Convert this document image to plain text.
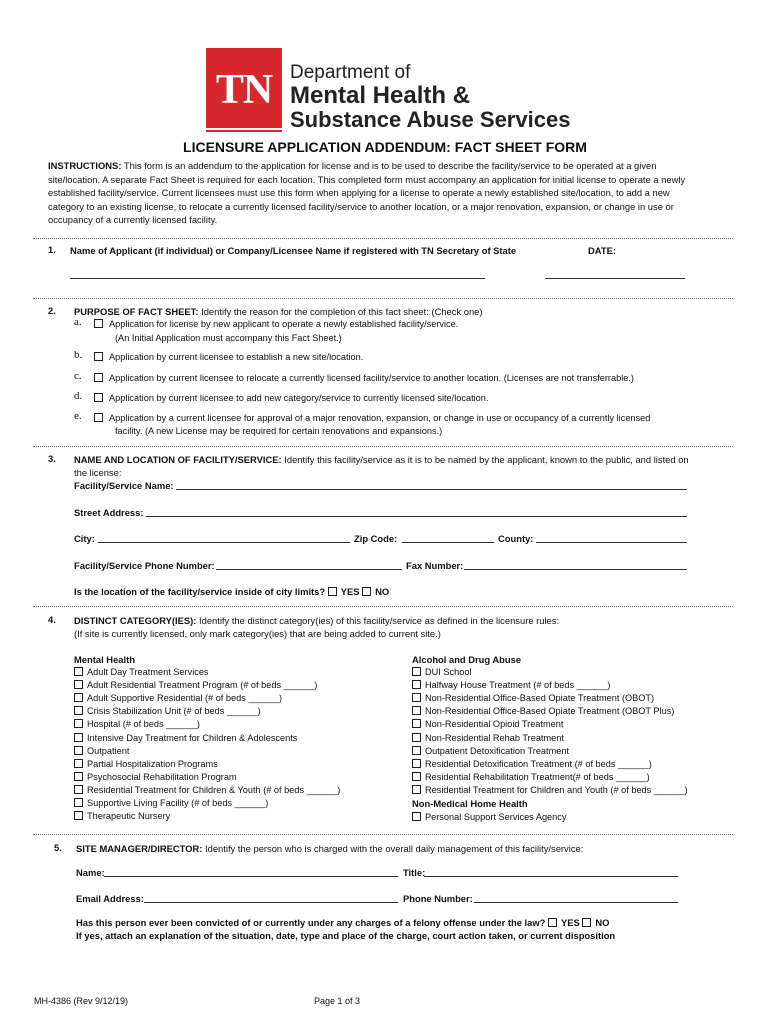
TN Department of
Mental Health &
Substance Abuse Services
LICENSURE APPLICATION ADDENDUM: FACT SHEET FORM
INSTRUCTIONS: This form is an addendum to the application for license and is to be used to describe the facility/service to be operated at a given site/location. A separate Fact Sheet is required for each location. This completed form must accompany an application for initial license to operate a newly established facility/service. Current licensees must use this form when applying for a license to operate a newly established site/location, to add a new category to an existing license, to relocate a currently licensed facility/service to another location, or a major renovation, expansion, or change in use or occupancy of a currently licensed facility.
1. Name of Applicant (if individual) or Company/Licensee Name if registered with TN Secretary of State	DATE:
2. PURPOSE OF FACT SHEET: Identify the reason for the completion of this fact sheet: (Check one)
a.	Application for license by new applicant to operate a newly established facility/service.
(An Initial Application must accompany this Fact Sheet.)
b.	Application by current licensee to establish a new site/location.
c.	Application by current licensee to relocate a currently licensed facility/service to another location. (Licenses are not transferrable.)
d.	Application by current licensee to add new category/service to currently licensed site/location.
e.	Application by a current licensee for approval of a major renovation, expansion, or change in use or occupancy of a currently licensed
facility. (A new License may be required for certain renovations and expansions.)
3. NAME AND LOCATION OF FACILITY/SERVICE: Identify this facility/service as it is to be named by the applicant, known to the public, and listed on
the license:
Facility/Service Name:
Street Address:
City:	Zip Code:	County:
Facility/Service Phone Number:	Fax Number:
Is the location of the facility/service inside of city limits? YES NO
4. DISTINCT CATEGORY(IES): Identify the distinct category(ies) of this facility/service as defined in the licensure rules:
(If site is currently licensed, only mark category(ies) that are being added to current site.)
Mental Health
Adult Day Treatment Services
Adult Residential Treatment Program (# of beds ______)
Adult Supportive Residential (# of beds ______)
Crisis Stabilization Unit (# of beds ______)
Hospital (# of beds ______)
Intensive Day Treatment for Children & Adolescents
Outpatient
Partial Hospitalization Programs
Psychosocial Rehabilitation Program
Residential Treatment for Children & Youth (# of beds ______)
Supportive Living Facility (# of beds ______)
Therapeutic Nursery
Alcohol and Drug Abuse
DUI School
Halfway House Treatment (# of beds ______)
Non-Residential Office-Based Opiate Treatment (OBOT)
Non-Residential Office-Based Opiate Treatment (OBOT Plus)
Non-Residential Opioid Treatment
Non-Residential Rehab Treatment
Outpatient Detoxification Treatment
Residential Detoxification Treatment (# of beds ______)
Residential Rehabilitation Treatment(# of beds ______)
Residential Treatment for Children and Youth (# of beds ______)
Non-Medical Home Health
Personal Support Services Agency
5. SITE MANAGER/DIRECTOR: Identify the person who is charged with the overall daily management of this facility/service:
Name:	Title:
Email Address:	Phone Number:
Has this person ever been convicted of or currently under any charges of a felony offense under the law? YES NO
If yes, attach an explanation of the situation, date, type and place of the charge, court action taken, or current disposition
MH-4386 (Rev 9/12/19)	Page 1 of 3
